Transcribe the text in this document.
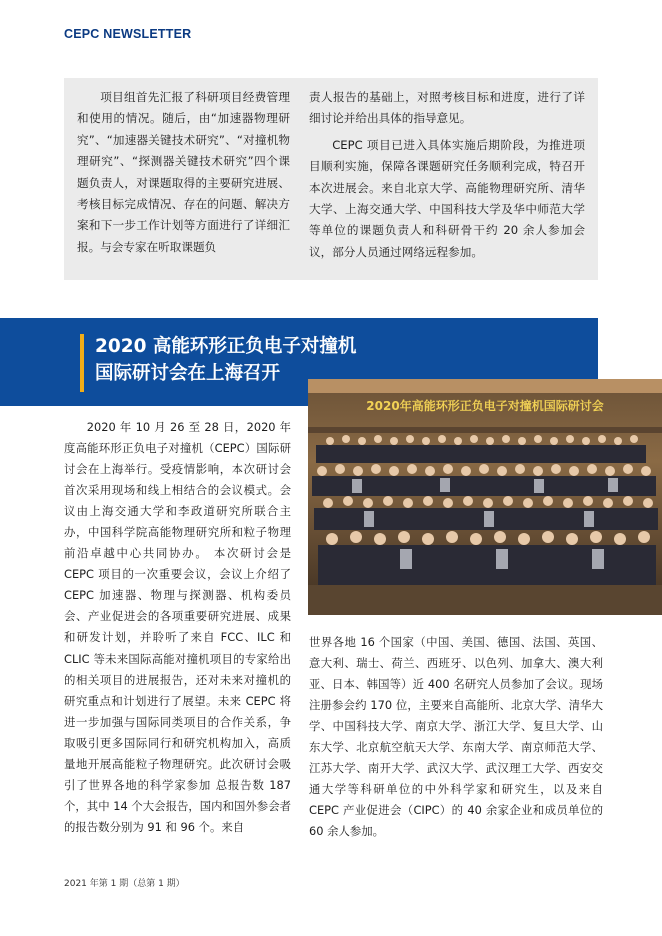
CEPC NEWSLETTER

项目组首先汇报了科研项目经费管理和使用的情况。随后，由“加速器物理研究”、“加速器关键技术研究”、“对撞机物理研究”、“探测器关键技术研究”四个课题负责人，对课题取得的主要研究进展、考核目标完成情况、存在的问题、解决方案和下一步工作计划等方面进行了详细汇报。与会专家在听取课题负

责人报告的基础上，对照考核目标和进度，进行了详细讨论并给出具体的指导意见。

CEPC 项目已进入具体实施后期阶段，为推进项目顺利实施，保障各课题研究任务顺利完成，特召开本次进展会。来自北京大学、高能物理研究所、清华大学、上海交通大学、中国科技大学及华中师范大学等单位的课题负责人和科研骨干约 20 余人参加会议，部分人员通过网络远程参加。

2020 高能环形正负电子对撞机
国际研讨会在上海召开
2020年高能环形正负电子对撞机国际研讨会

2020 年 10 月 26 至 28 日，2020 年度高能环形正负电子对撞机（CEPC）国际研讨会在上海举行。受疫情影响，本次研讨会首次采用现场和线上相结合的会议模式。会议由上海交通大学和李政道研究所联合主办，中国科学院高能物理研究所和粒子物理前沿卓越中心共同协办。 本次研讨会是 CEPC 项目的一次重要会议，会议上介绍了 CEPC 加速器、物理与探测器、机构委员会、产业促进会的各项重要研究进展、成果和研发计划，并聆听了来自 FCC、ILC 和 CLIC 等未来国际高能对撞机项目的专家给出的相关项目的进展报告，还对未来对撞机的研究重点和计划进行了展望。未来 CEPC 将进一步加强与国际同类项目的合作关系，争取吸引更多国际同行和研究机构加入，高质量地开展高能粒子物理研究。此次研讨会吸引了世界各地的科学家参加 总报告数 187 个，其中 14 个大会报告，国内和国外参会者的报告数分别为 91 和 96 个。来自

世界各地 16 个国家（中国、美国、德国、法国、英国、意大利、瑞士、荷兰、西班牙、以色列、加拿大、澳大利亚、日本、韩国等）近 400 名研究人员参加了会议。现场注册参会约 170 位，主要来自高能所、北京大学、清华大学、中国科技大学、南京大学、浙江大学、复旦大学、山东大学、北京航空航天大学、东南大学、南京师范大学、江苏大学、南开大学、武汉大学、武汉理工大学、西安交通大学等科研单位的中外科学家和研究生，以及来自 CEPC 产业促进会（CIPC）的 40 余家企业和成员单位的 60 余人参加。

2021 年第 1 期（总第 1 期）
